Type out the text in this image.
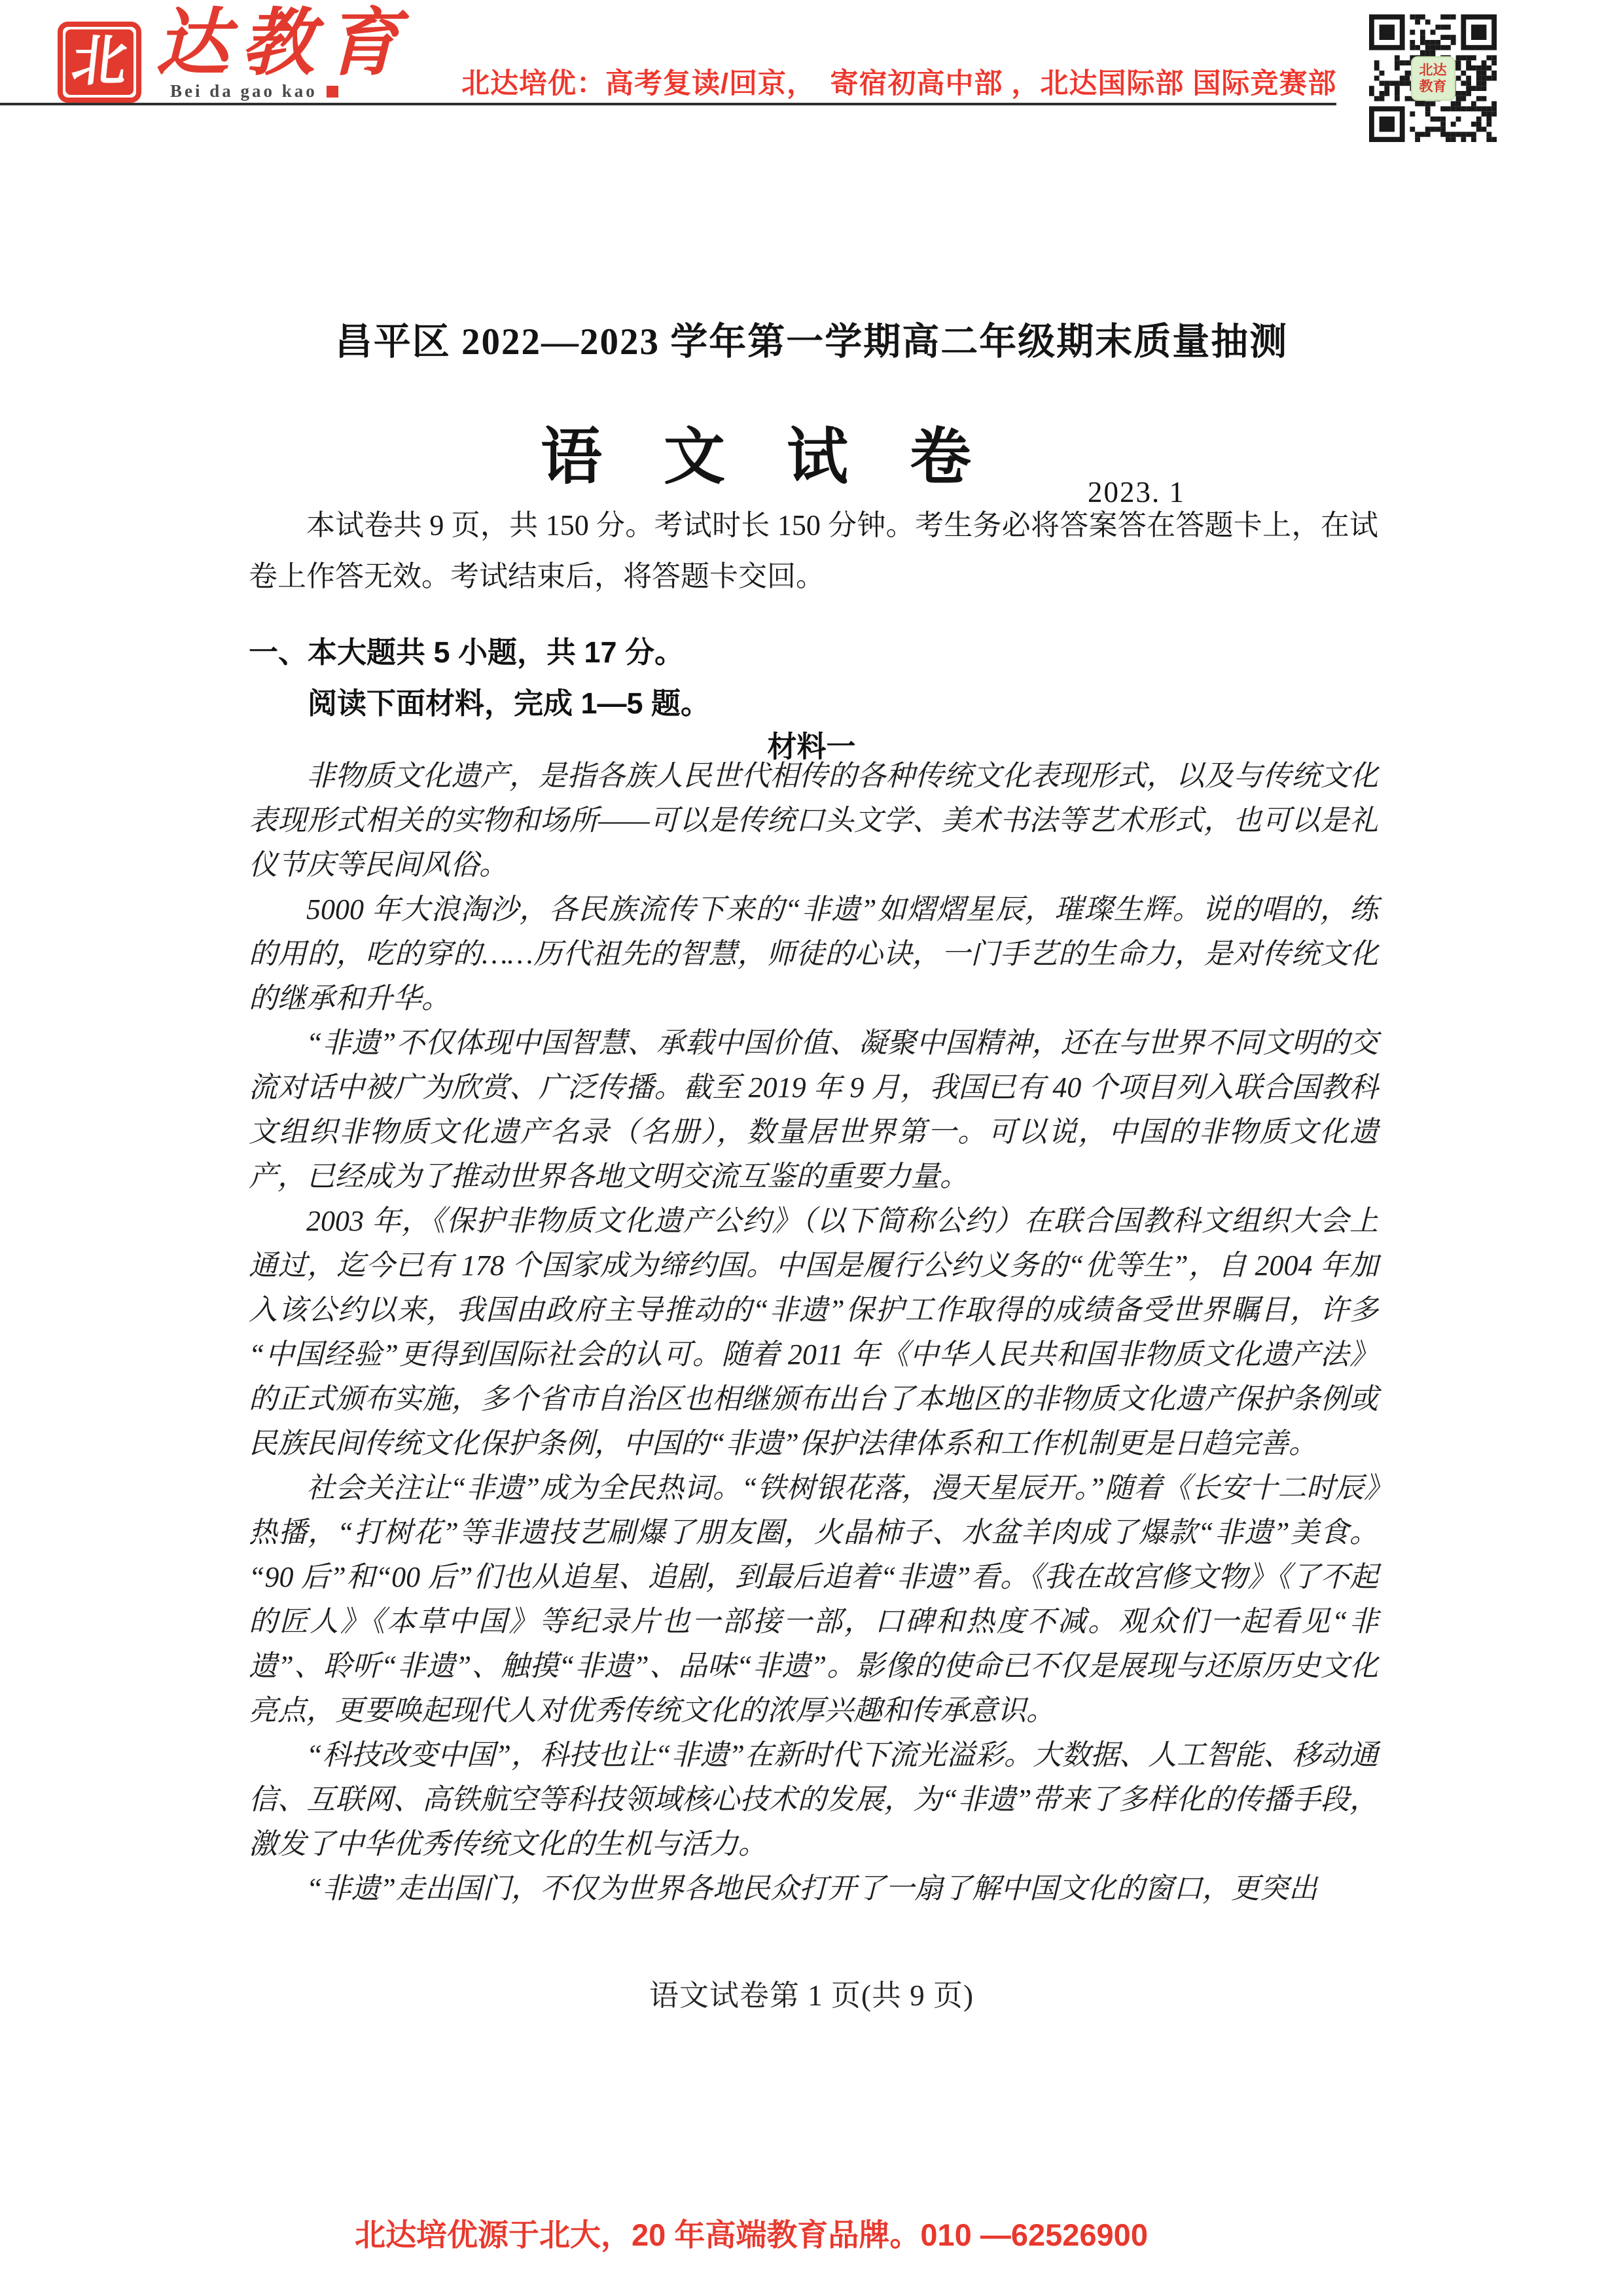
北 达教育
Bei da gao kao	北达培优：高考复读/回京，　寄宿初高中部 ，北达国际部 国际竞赛部	北达
教育
昌平区 2022—2023 学年第一学期高二年级期末质量抽测
语　文　试　卷
2023. 1
本试卷共 9 页，共 150 分。考试时长 150 分钟。考生务必将答案答在答题卡上，在试卷上作答无效。考试结束后，将答题卡交回。
一、本大题共 5 小题，共 17 分。
阅读下面材料，完成 1—5 题。
材料一

非物质文化遗产，是指各族人民世代相传的各种传统文化表现形式，以及与传统文化表现形式相关的实物和场所——可以是传统口头文学、美术书法等艺术形式，也可以是礼仪节庆等民间风俗。

5000 年大浪淘沙，各民族流传下来的“非遗”如熠熠星辰，璀璨生辉。说的唱的，练的用的，吃的穿的……历代祖先的智慧，师徒的心诀，一门手艺的生命力，是对传统文化的继承和升华。

“非遗”不仅体现中国智慧、承载中国价值、凝聚中国精神，还在与世界不同文明的交流对话中被广为欣赏、广泛传播。截至 2019 年 9 月，我国已有 40 个项目列入联合国教科文组织非物质文化遗产名录（名册），数量居世界第一。可以说，中国的非物质文化遗产，已经成为了推动世界各地文明交流互鉴的重要力量。

2003 年，《保护非物质文化遗产公约》（以下简称公约）在联合国教科文组织大会上通过，迄今已有 178 个国家成为缔约国。中国是履行公约义务的“优等生”，自 2004 年加入该公约以来，我国由政府主导推动的“非遗”保护工作取得的成绩备受世界瞩目，许多“中国经验”更得到国际社会的认可。随着 2011 年《中华人民共和国非物质文化遗产法》的正式颁布实施，多个省市自治区也相继颁布出台了本地区的非物质文化遗产保护条例或民族民间传统文化保护条例，中国的“非遗”保护法律体系和工作机制更是日趋完善。

社会关注让“非遗”成为全民热词。“铁树银花落，漫天星辰开。”随着《长安十二时辰》热播，“打树花”等非遗技艺刷爆了朋友圈，火晶柿子、水盆羊肉成了爆款“非遗”美食。“90 后”和“00 后”们也从追星、追剧，到最后追着“非遗”看。《我在故宫修文物》《了不起的匠人》《本草中国》等纪录片也一部接一部，口碑和热度不减。观众们一起看见“非遗”、聆听“非遗”、触摸“非遗”、品味“非遗”。影像的使命已不仅是展现与还原历史文化亮点，更要唤起现代人对优秀传统文化的浓厚兴趣和传承意识。

“科技改变中国”，科技也让“非遗”在新时代下流光溢彩。大数据、人工智能、移动通信、互联网、高铁航空等科技领域核心技术的发展，为“非遗”带来了多样化的传播手段，激发了中华优秀传统文化的生机与活力。

“非遗”走出国门，不仅为世界各地民众打开了一扇了解中国文化的窗口，更突出

语文试卷第 1 页(共 9 页)
北达培优源于北大，20 年高端教育品牌。010 —62526900
